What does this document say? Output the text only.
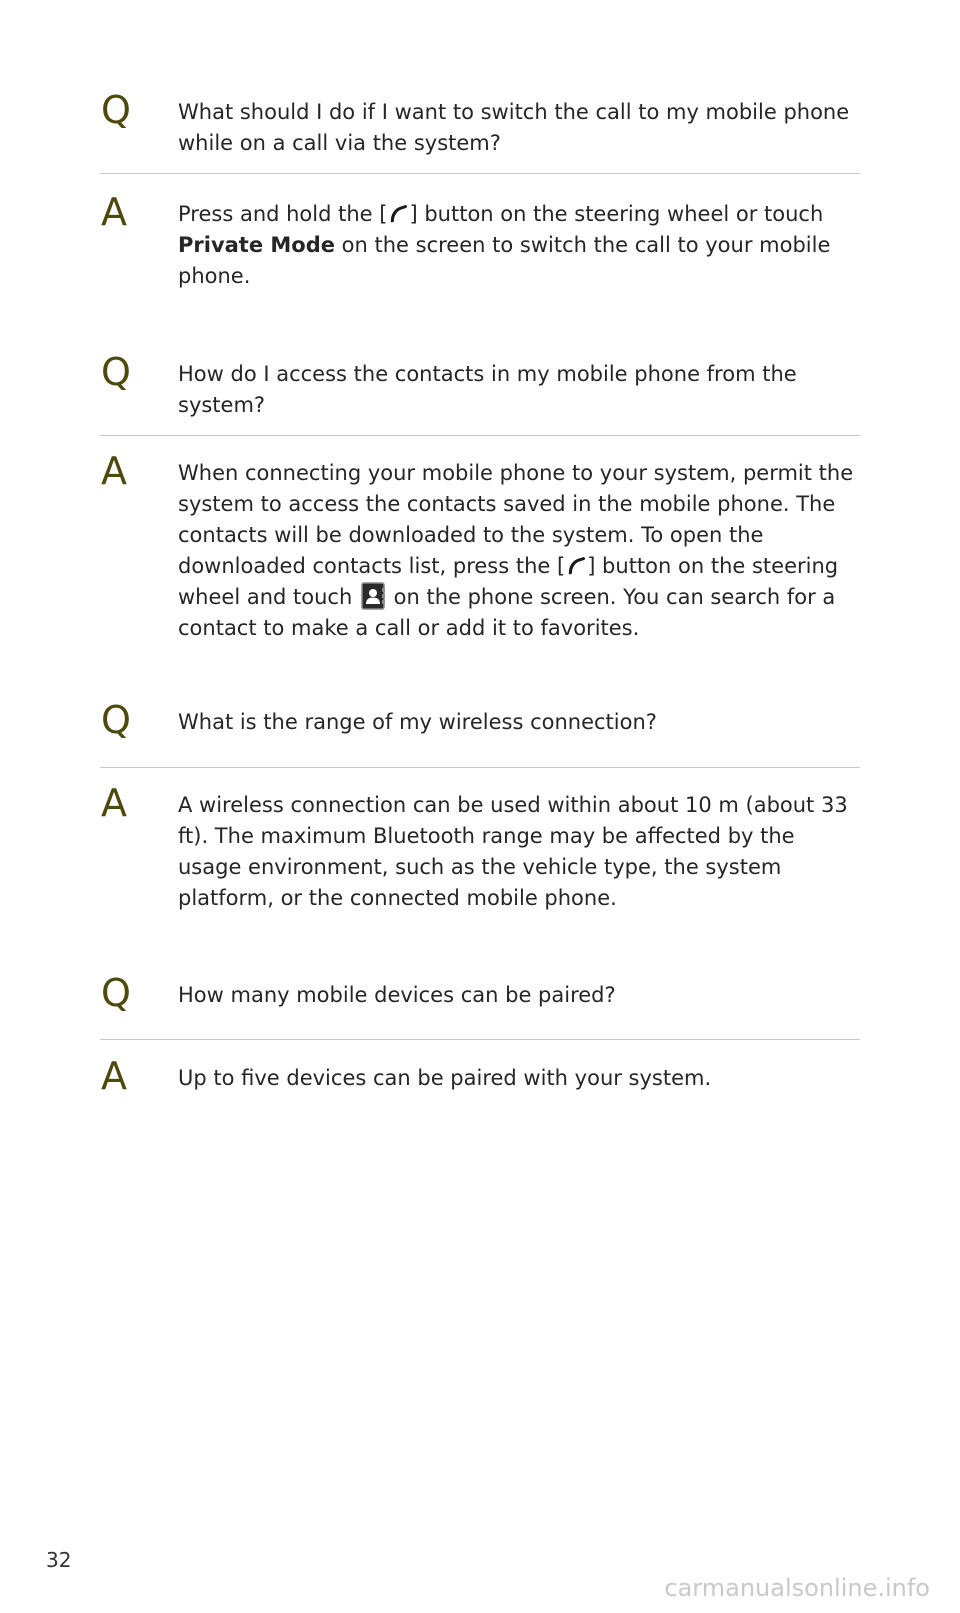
Q What should I do if I want to switch the call to my mobile phone while on a call via the system?
A Press and hold the [ ] button on the steering wheel or touch Private Mode on the screen to switch the call to your mobile phone.
Q How do I access the contacts in my mobile phone from the system?
A When connecting your mobile phone to your system, permit the system to access the contacts saved in the mobile phone. The contacts will be downloaded to the system. To open the downloaded contacts list, press the [ ] button on the steering wheel and touch  on the phone screen. You can search for a contact to make a call or add it to favorites.
Q What is the range of my wireless connection?
A A wireless connection can be used within about 10 m (about 33 ft). The maximum Bluetooth range may be affected by the usage environment, such as the vehicle type, the system platform, or the connected mobile phone.
Q How many mobile devices can be paired?
A Up to five devices can be paired with your system.
32
carmanualsonline.info
